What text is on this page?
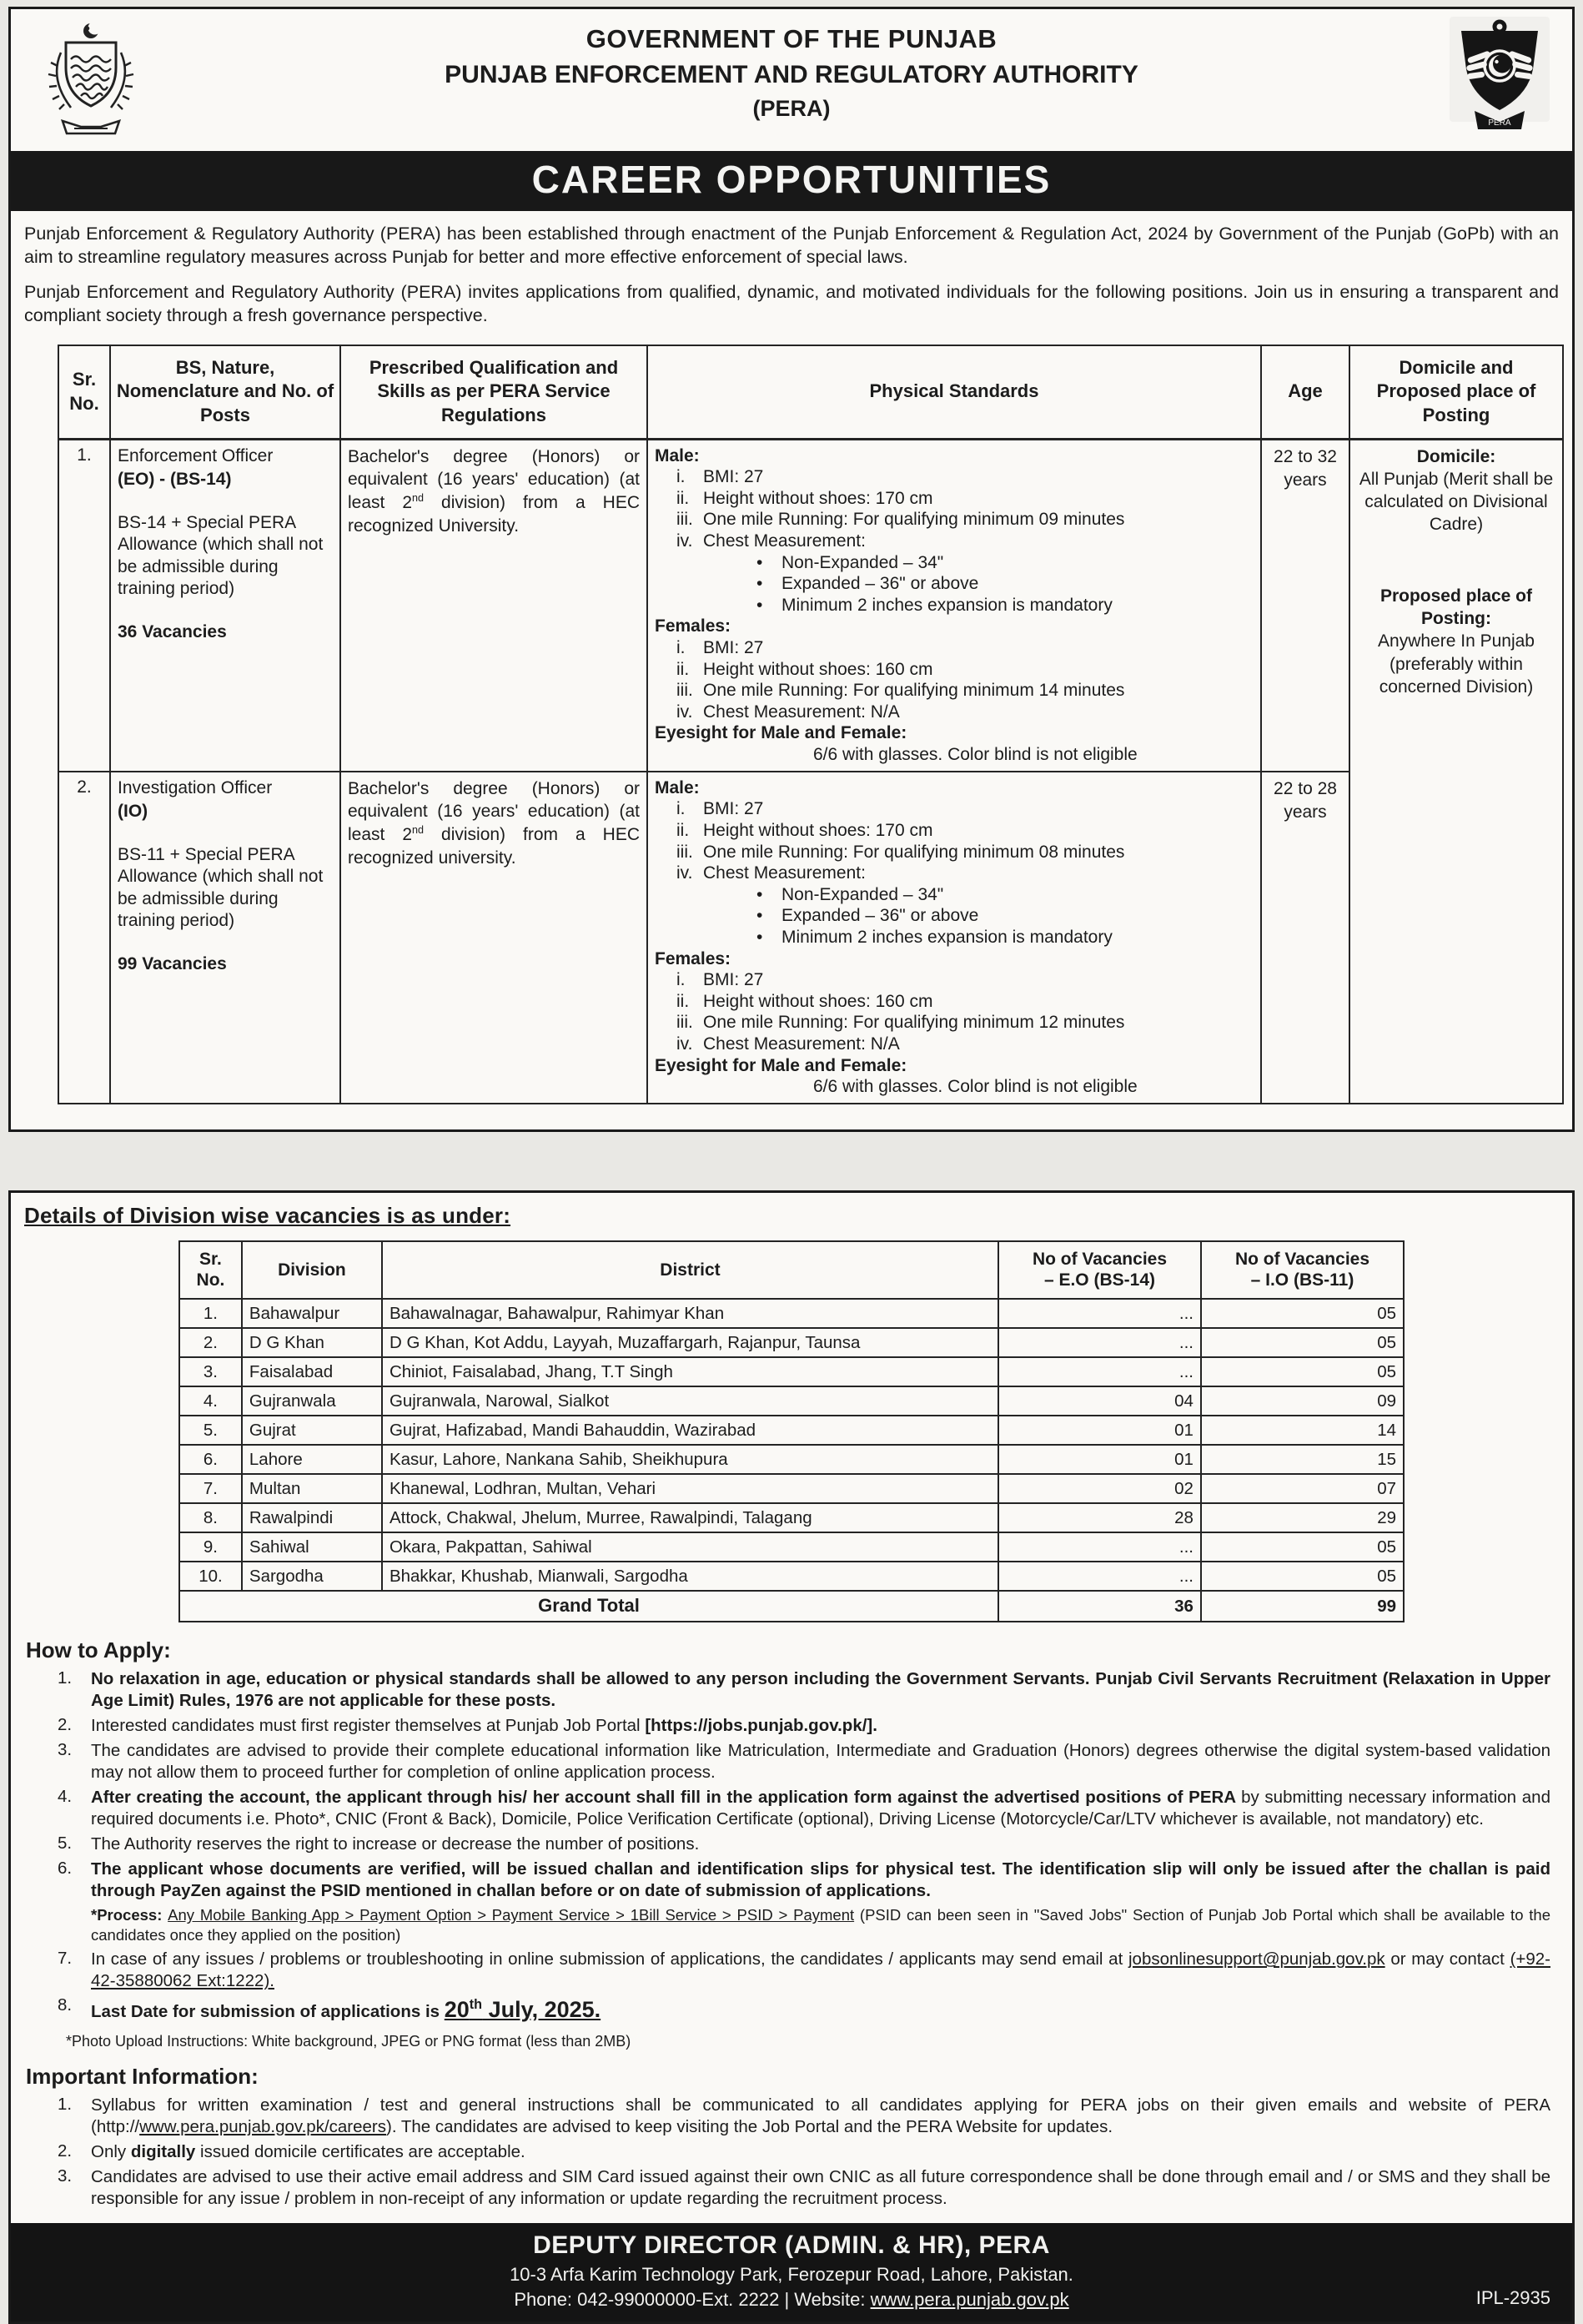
GOVERNMENT OF THE PUNJAB
PUNJAB ENFORCEMENT AND REGULATORY AUTHORITY
(PERA)
PERA
CAREER OPPORTUNITIES

Punjab Enforcement & Regulatory Authority (PERA) has been established through enactment of the Punjab Enforcement & Regulation Act, 2024 by Government of the Punjab (GoPb) with an aim to streamline regulatory measures across Punjab for better and more effective enforcement of special laws.

Punjab Enforcement and Regulatory Authority (PERA) invites applications from qualified, dynamic, and motivated individuals for the following positions. Join us in ensuring a transparent and compliant society through a fresh governance perspective.

Sr. No.	BS, Nature, Nomenclature and No. of Posts	Prescribed Qualification and Skills as per PERA Service Regulations	Physical Standards	Age	Domicile and Proposed place of Posting
1.	Enforcement Officer
(EO) - (BS-14)
BS-14 + Special PERA Allowance (which shall not be admissible during training period)
36 Vacancies
	Bachelor's degree (Honors) or equivalent (16 years' education) (at least 2nd division) from a HEC recognized University.	
Male:
i.	BMI: 27
ii. Height without shoes: 170 cm
iii. One mile Running: For qualifying minimum 09 minutes
iv. Chest Measurement:
• Non-Expanded – 34"
• Expanded – 36" or above
• Minimum 2 inches expansion is mandatory
Females:
i.	BMI: 27
ii. Height without shoes: 160 cm
iii. One mile Running: For qualifying minimum 14 minutes
iv. Chest Measurement: N/A
Eyesight for Male and Female:
6/6 with glasses. Color blind is not eligible
	22 to 32 years	
Domicile:
All Punjab (Merit shall be calculated on Divisional Cadre)
Proposed place of Posting:
Anywhere In Punjab (preferably within concerned Division)

2.	Investigation Officer
(IO)
BS-11 + Special PERA Allowance (which shall not be admissible during training period)
99 Vacancies
	Bachelor's degree (Honors) or equivalent (16 years' education) (at least 2nd division) from a HEC recognized university.	
Male:
i.	BMI: 27
ii. Height without shoes: 170 cm
iii. One mile Running: For qualifying minimum 08 minutes
iv. Chest Measurement:
• Non-Expanded – 34"
• Expanded – 36" or above
• Minimum 2 inches expansion is mandatory
Females:
i.	BMI: 27
ii. Height without shoes: 160 cm
iii. One mile Running: For qualifying minimum 12 minutes
iv. Chest Measurement: N/A
Eyesight for Male and Female:
6/6 with glasses. Color blind is not eligible
	22 to 28 years
Details of Division wise vacancies is as under:
Sr. No.	Division	District	
No of Vacancies
– E.O (BS-14)

No of Vacancies
– I.O (BS-11)

1.	Bahawalpur	Bahawalnagar, Bahawalpur, Rahimyar Khan	...	05
2.	D G Khan	D G Khan, Kot Addu, Layyah, Muzaffargarh, Rajanpur, Taunsa	...	05
3.	Faisalabad	Chiniot, Faisalabad, Jhang, T.T Singh	...	05
4.	Gujranwala	Gujranwala, Narowal, Sialkot	04	09
5.	Gujrat	Gujrat, Hafizabad, Mandi Bahauddin, Wazirabad	01	14
6.	Lahore	Kasur, Lahore, Nankana Sahib, Sheikhupura	01	15
7.	Multan	Khanewal, Lodhran, Multan, Vehari	02	07
8.	Rawalpindi	Attock, Chakwal, Jhelum, Murree, Rawalpindi, Talagang	28	29
9.	Sahiwal	Okara, Pakpattan, Sahiwal	...	05
10.	Sargodha	Bhakkar, Khushab, Mianwali, Sargodha	...	05
Grand Total			36	99
How to Apply:
1.	No relaxation in age, education or physical standards shall be allowed to any person including the Government Servants. Punjab Civil Servants Recruitment (Relaxation in Upper Age Limit) Rules, 1976 are not applicable for these posts.
2.	Interested candidates must first register themselves at Punjab Job Portal [https://jobs.punjab.gov.pk/].
3.	The candidates are advised to provide their complete educational information like Matriculation, Intermediate and Graduation (Honors) degrees otherwise the digital system-based validation may not allow them to proceed further for completion of online application process.
4.	After creating the account, the applicant through his/ her account shall fill in the application form against the advertised positions of PERA by submitting necessary information and required documents i.e. Photo*, CNIC (Front & Back), Domicile, Police Verification Certificate (optional), Driving License (Motorcycle/Car/LTV whichever is available, not mandatory) etc.
5.	The Authority reserves the right to increase or decrease the number of positions.
6.	The applicant whose documents are verified, will be issued challan and identification slips for physical test. The identification slip will only be issued after the challan is paid through PayZen against the PSID mentioned in challan before or on date of submission of applications.
*Process: Any Mobile Banking App > Payment Option > Payment Service > 1Bill Service > PSID > Payment (PSID can been seen in "Saved Jobs" Section of Punjab Job Portal which shall be available to the candidates once they applied on the position)
7.	In case of any issues / problems or troubleshooting in online submission of applications, the candidates / applicants may send email at jobsonlinesupport@punjab.gov.pk or may contact (+92-42-35880062 Ext:1222).
8.	Last Date for submission of applications is 20th July, 2025.
*Photo Upload Instructions: White background, JPEG or PNG format (less than 2MB)
Important Information:
1.	Syllabus for written examination / test and general instructions shall be communicated to all candidates applying for PERA jobs on their given emails and website of PERA (http://www.pera.punjab.gov.pk/careers). The candidates are advised to keep visiting the Job Portal and the PERA Website for updates.
2.	Only digitally issued domicile certificates are acceptable.
3.	Candidates are advised to use their active email address and SIM Card issued against their own CNIC as all future correspondence shall be done through email and / or SMS and they shall be responsible for any issue / problem in non-receipt of any information or update regarding the recruitment process.
DEPUTY DIRECTOR (ADMIN. & HR), PERA
10-3 Arfa Karim Technology Park, Ferozepur Road, Lahore, Pakistan.
Phone: 042-99000000-Ext. 2222 | Website: www.pera.punjab.gov.pk	IPL-2935
